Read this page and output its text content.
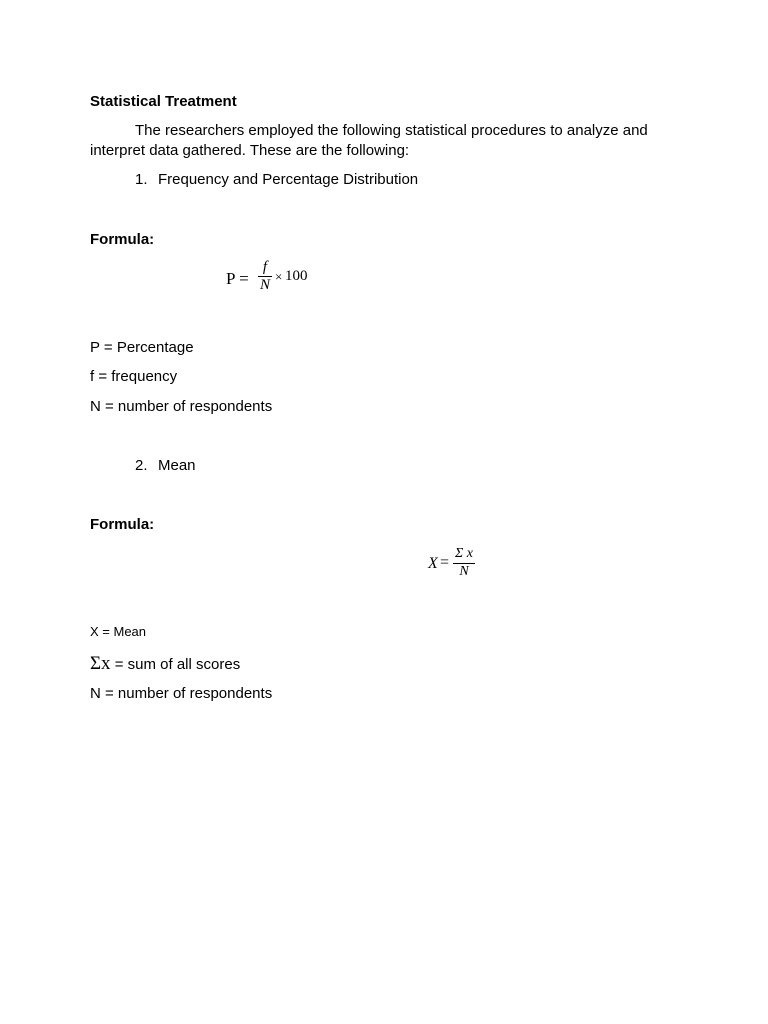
Statistical Treatment
The researchers employed the following statistical procedures to analyze and
interpret data gathered. These are the following:
1. Frequency and Percentage Distribution
Formula:
P =
f
N
× 100
P = Percentage
f = frequency
N = number of respondents
2. Mean
Formula:
X =
Σ x
N
X = Mean
Σx = sum of all scores
N = number of respondents
